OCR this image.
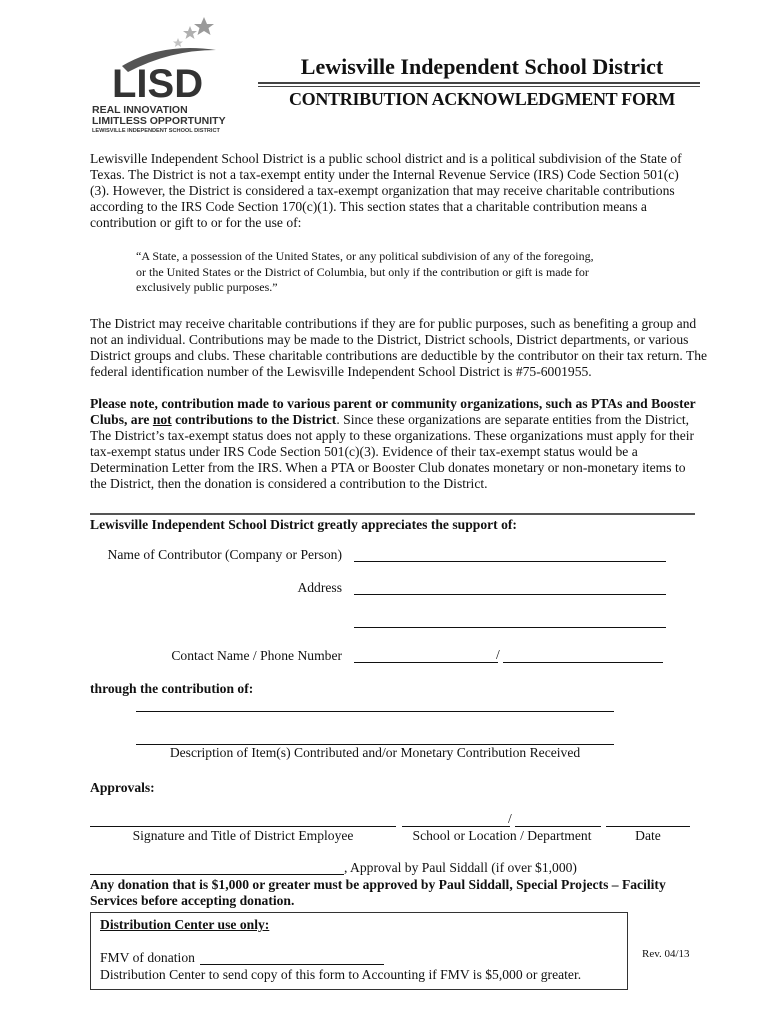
LISD
REAL INNOVATION
LIMITLESS OPPORTUNITY
LEWISVILLE INDEPENDENT SCHOOL DISTRICT
Lewisville Independent School District
CONTRIBUTION ACKNOWLEDGMENT FORM
Lewisville Independent School District is a public school district and is a political subdivision of the State of Texas. The District is not a tax-exempt entity under the Internal Revenue Service (IRS) Code Section 501(c)(3). However, the District is considered a tax-exempt organization that may receive charitable contributions according to the IRS Code Section 170(c)(1). This section states that a charitable contribution means a contribution or gift to or for the use of:
“A State, a possession of the United States, or any political subdivision of any of the foregoing, or the United States or the District of Columbia, but only if the contribution or gift is made for exclusively public purposes.”
The District may receive charitable contributions if they are for public purposes, such as benefiting a group and not an individual. Contributions may be made to the District, District schools, District departments, or various District groups and clubs. These charitable contributions are deductible by the contributor on their tax return. The federal identification number of the Lewisville Independent School District is #75-6001955.
Please note, contribution made to various parent or community organizations, such as PTAs and Booster Clubs, are not contributions to the District. Since these organizations are separate entities from the District, The District’s tax-exempt status does not apply to these organizations. These organizations must apply for their tax-exempt status under IRS Code Section 501(c)(3). Evidence of their tax-exempt status would be a Determination Letter from the IRS. When a PTA or Booster Club donates monetary or non-monetary items to the District, then the donation is considered a contribution to the District.
Lewisville Independent School District greatly appreciates the support of:
Name of Contributor (Company or Person)
Address
Contact Name / Phone Number	/
through the contribution of:
Description of Item(s) Contributed and/or Monetary Contribution Received
Approvals:
/
Signature and Title of District Employee	School or Location / Department	Date
, Approval by Paul Siddall (if over $1,000)
Any donation that is $1,000 or greater must be approved by Paul Siddall, Special Projects – Facility Services before accepting donation.
Distribution Center use only:
FMV of donation
Distribution Center to send copy of this form to Accounting if FMV is $5,000 or greater.
Rev. 04/13
